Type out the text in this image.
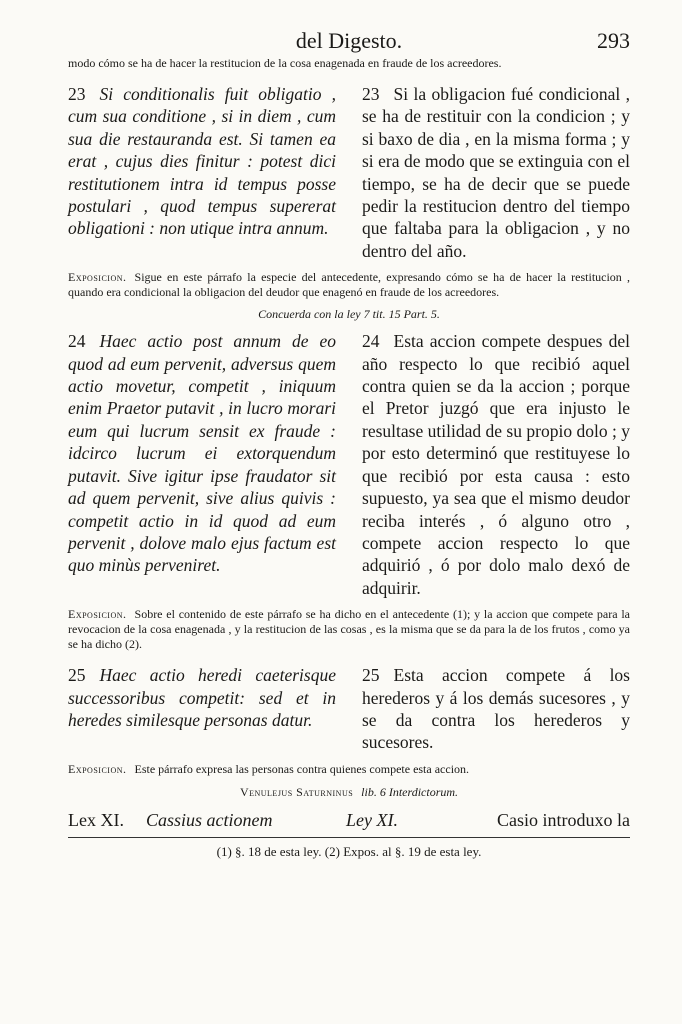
del Digesto.	293
modo cómo se ha de hacer la restitucion de la cosa enagenada en fraude de los acreedores.
23 Si conditionalis fuit obligatio , cum sua conditione , si in diem , cum sua die restauranda est. Si tamen ea erat , cujus dies finitur : potest dici restitutionem intra id tempus posse postulari , quod tempus supererat obligationi : non utique intra annum.
23 Si la obligacion fué condicional , se ha de restituir con la condicion ; y si baxo de dia , en la misma forma ; y si era de modo que se extinguia con el tiempo, se ha de decir que se puede pedir la restitucion dentro del tiempo que faltaba para la obligacion , y no dentro del año.
Exposicion. Sigue en este párrafo la especie del antecedente, expresando cómo se ha de hacer la restitucion , quando era condicional la obligacion del deudor que enagenó en fraude de los acreedores.
Concuerda con la ley 7 tit. 15 Part. 5.
24 Haec actio post annum de eo quod ad eum pervenit, adversus quem actio movetur, competit , iniquum enim Praetor putavit , in lucro morari eum qui lucrum sensit ex fraude : idcirco lucrum ei extorquendum putavit. Sive igitur ipse fraudator sit ad quem pervenit, sive alius quivis : competit actio in id quod ad eum pervenit , dolove malo ejus factum est quo minùs perveniret.
24 Esta accion compete despues del año respecto lo que recibió aquel contra quien se da la accion ; porque el Pretor juzgó que era injusto le resultase utilidad de su propio dolo ; y por esto determinó que restituyese lo que recibió por esta causa : esto supuesto, ya sea que el mismo deudor reciba interés , ó alguno otro , compete accion respecto lo que adquirió , ó por dolo malo dexó de adquirir.
Exposicion. Sobre el contenido de este párrafo se ha dicho en el antecedente (1); y la accion que compete para la revocacion de la cosa enagenada , y la restitucion de las cosas , es la misma que se da para la de los frutos , como ya se ha dicho (2).
25 Haec actio heredi caeterisque successoribus competit: sed et in heredes similesque personas datur.
25 Esta accion compete á los herederos y á los demás sucesores , y se da contra los herederos y sucesores.
Exposicion. Este párrafo expresa las personas contra quienes compete esta accion.
Venulejus Saturninus lib. 6 Interdictorum.
Lex XI.	Cassius actionem	Ley XI.	Casio introduxo la
(1) §. 18 de esta ley. (2) Expos. al §. 19 de esta ley.
